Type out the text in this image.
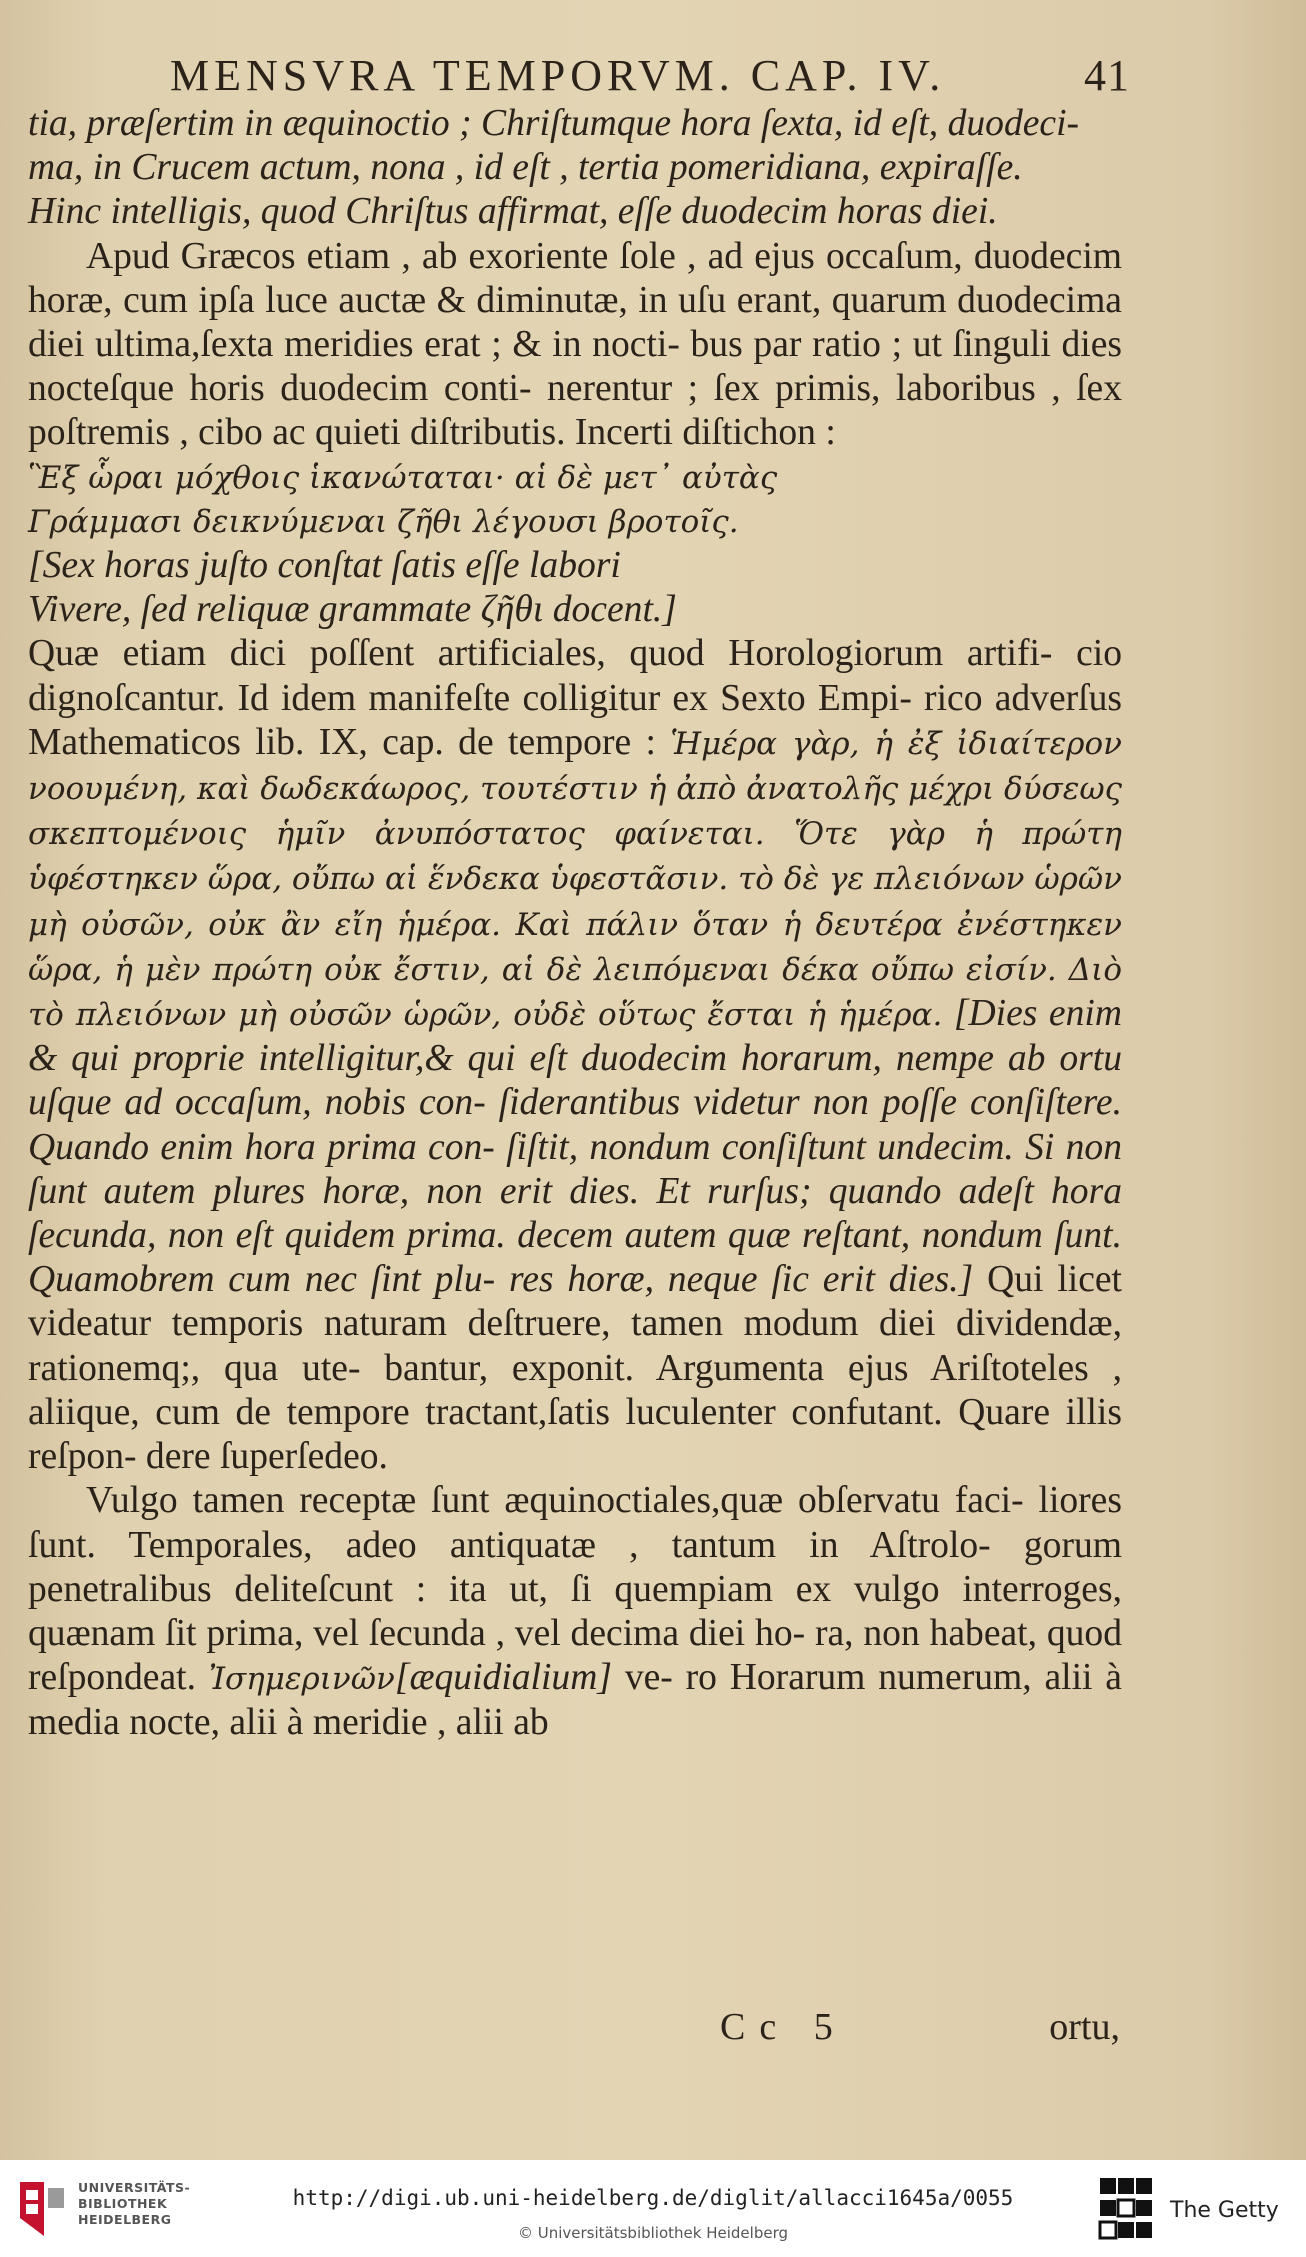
MENSVRA TEMPORVM. CAP. IV.	41

tia, præſertim in æquinoctio ; Chriſtumque hora ſexta, id eſt, duodeci-

ma, in Crucem actum, nona , id eſt , tertia pomeridiana, expiraſſe.

Hinc intelligis, quod Chriſtus affirmat, eſſe duodecim horas diei.

Apud Græcos etiam , ab exoriente ſole , ad ejus occaſum, duodecim horæ, cum ipſa luce auctæ & diminutæ, in uſu erant, quarum duodecima diei ultima,ſexta meridies erat ; & in nocti- bus par ratio ; ut ſinguli dies nocteſque horis duodecim conti- nerentur ; ſex primis, laboribus , ſex poſtremis , cibo ac quieti diſtributis. Incerti diſtichon :

Ἓξ ὧραι μόχθοις ἱκανώταται· αἱ δὲ μετ᾽ αὐτὰς

Γράμμασι δεικνύμεναι ζῆθι λέγουσι βροτοῖς.

[Sex horas juſto conſtat ſatis eſſe labori

Vivere, ſed reliquæ grammate ζῆθι docent.]

Quæ etiam dici poſſent artificiales, quod Horologiorum artifi- cio dignoſcantur. Id idem manifeſte colligitur ex Sexto Empi- rico adverſus Mathematicos lib. IX, cap. de tempore : Ἡμέρα γὰρ, ἡ ἐξ ἰδιαίτερον νοουμένη, καὶ δωδεκάωρος, τουτέστιν ἡ ἀπὸ ἀνατολῆς μέχρι δύσεως σκεπτομένοις ἡμῖν ἀνυπόστατος φαίνεται. Ὅτε γὰρ ἡ πρώτη ὑφέστηκεν ὥρα, οὔπω αἱ ἕνδεκα ὑφεστᾶσιν. τὸ δὲ γε πλειόνων ὡρῶν μὴ οὐσῶν, οὐκ ἂν εἴη ἡμέρα. Καὶ πάλιν ὅταν ἡ δευτέρα ἐνέστηκεν ὥρα, ἡ μὲν πρώτη οὐκ ἔστιν, αἱ δὲ λειπόμεναι δέκα οὔπω εἰσίν. Διὸ τὸ πλειόνων μὴ οὐσῶν ὡρῶν, οὐδὲ οὕτως ἔσται ἡ ἡμέρα. [Dies enim & qui proprie intelligitur,& qui eſt duodecim horarum, nempe ab ortu uſque ad occaſum, nobis con- ſiderantibus videtur non poſſe conſiſtere. Quando enim hora prima con- ſiſtit, nondum conſiſtunt undecim. Si non ſunt autem plures horæ, non erit dies. Et rurſus; quando adeſt hora ſecunda, non eſt quidem prima. decem autem quæ reſtant, nondum ſunt. Quamobrem cum nec ſint plu- res horæ, neque ſic erit dies.] Qui licet videatur temporis naturam deſtruere, tamen modum diei dividendæ, rationemq;, qua ute- bantur, exponit. Argumenta ejus Ariſtoteles , aliique, cum de tempore tractant,ſatis luculenter confutant. Quare illis reſpon- dere ſuperſedeo.

Vulgo tamen receptæ ſunt æquinoctiales,quæ obſervatu faci- liores ſunt. Temporales, adeo antiquatæ , tantum in Aſtrolo- gorum penetralibus deliteſcunt : ita ut, ſi quempiam ex vulgo interroges, quænam ſit prima, vel ſecunda , vel decima diei ho- ra, non habeat, quod reſpondeat. Ἰσημερινῶν[æquidialium] ve- ro Horarum numerum, alii à media nocte, alii à meridie , alii ab

Cc 5	ortu,
UNIVERSITÄTS-
BIBLIOTHEK
HEIDELBERG
http://digi.ub.uni-heidelberg.de/diglit/allacci1645a/0055
© Universitätsbibliothek Heidelberg
The Getty
